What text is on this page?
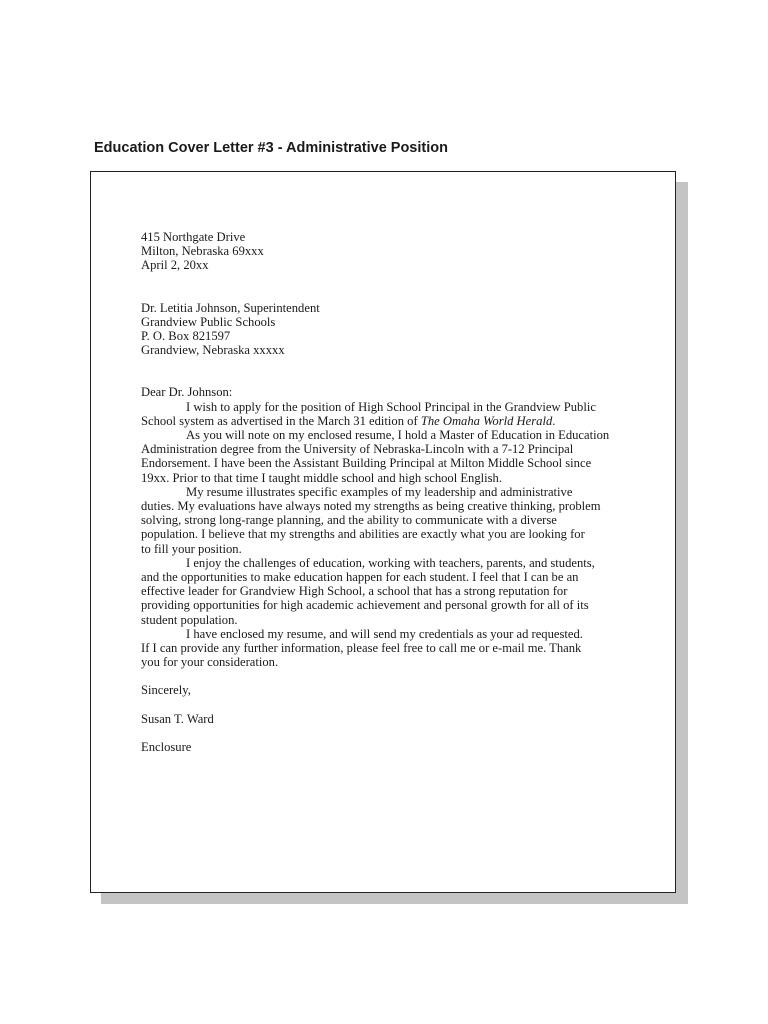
Education Cover Letter #3 - Administrative Position
415 Northgate Drive
Milton, Nebraska 69xxx
April 2, 20xx
Dr. Letitia Johnson, Superintendent
Grandview Public Schools
P. O. Box 821597
Grandview, Nebraska xxxxx

Dear Dr. Johnson:

I wish to apply for the position of High School Principal in the Grandview Public
School system as advertised in the March 31 edition of The Omaha World Herald.
As you will note on my enclosed resume, I hold a Master of Education in Education
Administration degree from the University of Nebraska-Lincoln with a 7-12 Principal
Endorsement. I have been the Assistant Building Principal at Milton Middle School since
19xx. Prior to that time I taught middle school and high school English.
My resume illustrates specific examples of my leadership and administrative
duties. My evaluations have always noted my strengths as being creative thinking, problem
solving, strong long-range planning, and the ability to communicate with a diverse
population. I believe that my strengths and abilities are exactly what you are looking for
to fill your position.
I enjoy the challenges of education, working with teachers, parents, and students,
and the opportunities to make education happen for each student. I feel that I can be an
effective leader for Grandview High School, a school that has a strong reputation for
providing opportunities for high academic achievement and personal growth for all of its
student population.
I have enclosed my resume, and will send my credentials as your ad requested.
If I can provide any further information, please feel free to call me or e-mail me. Thank
you for your consideration.

Sincerely,

Susan T. Ward

Enclosure
